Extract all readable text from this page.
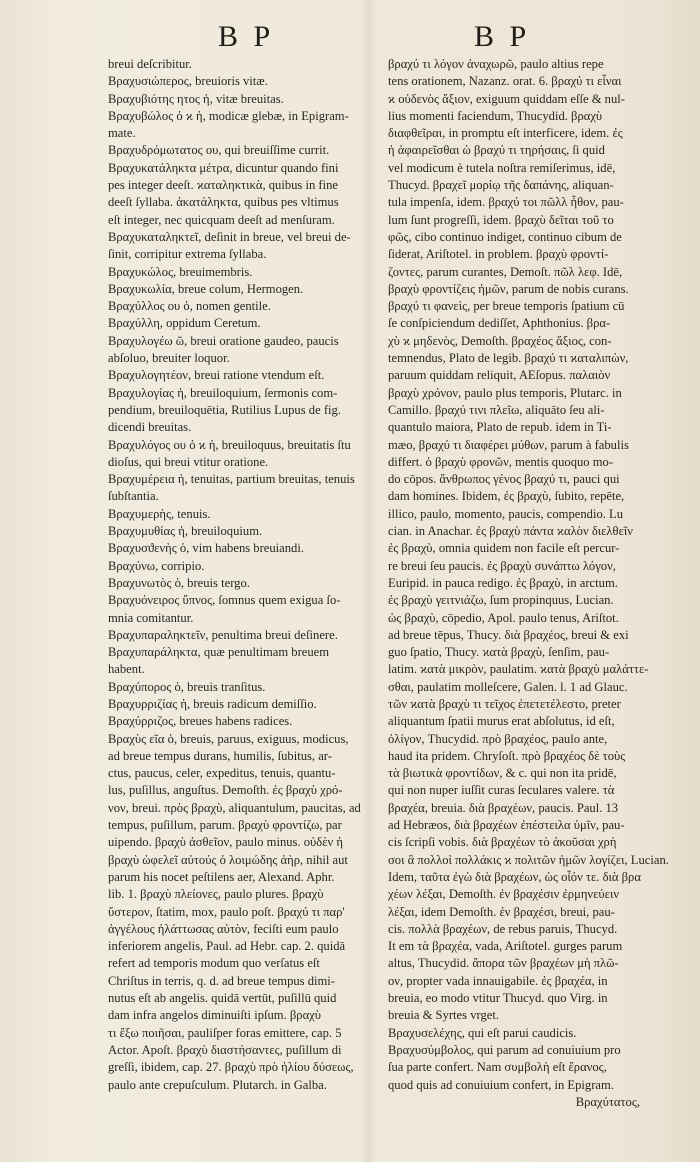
B P	B P
breui deſcribitur.
Βραχυσιώπερος, breuioris vitæ.
Βραχυβιότης ητος ἡ, vitæ breuitas.
Βραχυβώλος ὁ ϰ ἡ, modicæ glebæ, in Epigram-
mate.
Βραχυδρόμωτατος ου, qui breuiſſime currit.
Βραχυκατάληκτα μέτρα, dicuntur quando fini
pes integer deeſt. ϰαταληκτικὰ, quibus in fine
deeſt ſyllaba. ἀκατάληκτα, quibus pes vltimus
eſt integer, nec quicquam deeſt ad menſuram.
Βραχυκαταληκτεῖ, deſinit in breue, vel breui de-
ſinit, corripitur extrema ſyllaba.
Βραχυκώλος, breuimembris.
Βραχυκωλία, breue colum, Hermogen.
Βραχύλλος ου ὁ, nomen gentile.
Βραχύλλη, oppidum Ceretum.
Βραχυλογέω ῶ, breui oratione gaudeo, paucis
abſoluo, breuiter loquor.
Βραχυλογητέον, breui ratione vtendum eſt.
Βραχυλογίας ἡ, breuiloquium, ſermonis com-
pendium, breuiloquētia, Rutilius Lupus de fig.
dicendi breuitas.
Βραχυλόγος ου ὁ ϰ ἡ, breuiloquus, breuitatis ſtu
dioſus, qui breui vtitur oratione.
Βραχυμέρεια ἡ, tenuitas, partium breuitas, tenuis
ſubſtantia.
Βραχυμερὴς, tenuis.
Βραχυμυθίας ἡ, breuiloquium.
Βραχυσϑενὴς ὁ, vim habens breuiandi.
Βραχύνω, corripio.
Βραχυνωτὸς ὁ, breuis tergo.
Βραχυόνειρος ὕπνος, ſomnus quem exigua ſo-
mnia comitantur.
Βραχυπαραληκτεῖν, penultima breui deſinere.
Βραχυπαράληκτα, quæ penultimam breuem
habent.
Βραχύπορος ὁ, breuis tranſitus.
Βραχυρριζίας ἡ, breuis radicum demiſſio.
Βραχύρριζος, breues habens radices.
Βραχὺς εῖα ὁ, breuis, paruus, exiguus, modicus,
ad breue tempus durans, humilis, ſubitus, ar-
ctus, paucus, celer, expeditus, tenuis, quantu-
lus, puſillus, anguſtus. Demoſth. ἐς βραχὺ χρό-
νον, breui. πρὸς βραχὺ, aliquantulum, paucitas, ad
tempus, puſillum, parum. βραχὺ φροντίζω, par
uipendo. βραχὺ ἀσθεῖον, paulo minus. οὐδὲν ἡ
βραχὺ ὠφελεῖ αὐτούς ὁ λοιμώδης ἀὴρ, nihil aut
parum his nocet peſtilens aer, Alexand. Aphr.
lib. 1. βραχὺ πλείονες, paulo plures. βραχὺ
ὕστερον, ſtatim, mox, paulo poſt. βραχύ τι παρ'
ἀγγέλους ἠλάττωσας αὐτὸν, feciſti eum paulo
inferiorem angelis, Paul. ad Hebr. cap. 2. quidā
refert ad temporis modum quo verſatus eſt
Chriſtus in terris, q. d. ad breue tempus dimi-
nutus eſt ab angelis. quidā vertūt, puſillū quid
dam infra angelos diminuiſti ipſum. βραχὺ
τι ἔξω ποιῆσαι, pauliſper foras emittere, cap. 5
Actor. Apoſt. βραχὺ διαστήσαντες, puſillum di
greſſi, ibidem, cap. 27. βραχὺ πρὸ ἡλίου δύσεως,
paulo ante crepuſculum. Plutarch. in Galba.
βραχύ τι λόγον ἀναχωρῶ, paulo altius repe
tens orationem, Nazanz. orat. 6. βραχύ τι εἶναι
ϰ οὐδενὸς ἄξιον, exiguum quiddam eſſe & nul-
lius momenti faciendum, Thucydid. βραχὺ
διαφθεῖραι, in promptu eſt interficere, idem. ἐς
ἡ ἀφαιρεῖσθαι ὡ βραχύ τι τηρήσαις, ſi quid
vel modicum è tutela noſtra remiſerimus, idē,
Thucyd. βραχεῖ μορίῳ τῆς δαπάνης, aliquan-
tula impenſa, idem. βραχύ τοι πῶλλ ἦθον, pau-
lum ſunt progreſſi, idem. βραχὺ δεῖται τοῦ το
φῶς, cibo continuo indiget, continuo cibum de
ſiderat, Ariſtotel. in problem. βραχὺ φροντί-
ζοντες, parum curantes, Demoſt. πῶλ λεφ. Idē,
βραχὺ φροντίζεις ἡμῶν, parum de nobis curans.
βραχύ τι φανεὶς, per breue temporis ſpatium cū
ſe conſpiciendum dediſſet, Aphthonius. βρα-
χὺ ϰ μηδενὸς, Demoſth. βραχέος ἄξιος, con-
temnendus, Plato de legib. βραχύ τι ϰαταλιπὼν,
paruum quiddam reliquit, AEſopus. παλαιὸν
βραχὺ χρόνον, paulo plus temporis, Plutarc. in
Camillo. βραχύ τινι πλεῖω, aliquāto ſeu ali-
quantulo maiora, Plato de repub. idem in Ti-
mæo, βραχύ τι διαφέρει μύθων, parum à fabulis
differt. ὁ βραχὺ φρονῶν, mentis quoquo mo-
do cōpos. ἄνθρωπος γένος βραχύ τι, pauci qui
dam homines. Ibidem, ἐς βραχὺ, ſubito, repēte,
illico, paulo, momento, paucis, compendio. Lu
cian. in Anachar. ἐς βραχὺ πάντα ϰαλὸν διελθεῖν
ἐς βραχὺ, omnia quidem non facile eſt percur-
re breui ſeu paucis. ἐς βραχὺ συνάπτω λόγον,
Euripid. in pauca redigo. ἐς βραχὺ, in arctum.
ἐς βραχὺ γειτνιάζω, ſum propinquus, Lucian.
ὡς βραχὺ, cōpedio, Apol. paulo tenus, Ariſtot.
ad breue tēpus, Thucy. διὰ βραχέος, breui & exi
guo ſpatio, Thucy. ϰατὰ βραχὺ, ſenſim, pau-
latim. ϰατὰ μικρὸν, paulatim. ϰατὰ βραχὺ μαλάττε-
σθαι, paulatim molleſcere, Galen. l. 1 ad Glauc.
τῶν ϰατὰ βραχὺ τι τεῖχος ἐπετετέλεστο, preter
aliquantum ſpatii murus erat abſolutus, id eſt,
ὀλίγον, Thucydid. πρὸ βραχέος, paulo ante,
haud ita pridem. Chryſoſt. πρὸ βραχέος δὲ τοὺς
τὰ βιωτικὰ φροντίδων, & c. qui non ita pridē,
qui non nuper iuſſit curas ſeculares valere. τὰ
βραχέα, breuia. διὰ βραχέων, paucis. Paul. 13
ad Hebræos, διὰ βραχέων ἐπέστειλα ὑμῖν, pau-
cis ſcripſi vobis. διὰ βραχέων τὸ ἀκοῦσαι χρὴ
σοι ἃ πολλοὶ πολλάκις ϰ πολιτῶν ἡμῶν λογίζει, Lucian.
Idem, ταῦτα ἐγὼ διὰ βραχέων, ὡς οἶόν τε. διὰ βρα
χέων λέξαι, Demoſth. ἐν βραχέσιν ἐρμηνεύειν
λέξαι, idem Demoſth. ἐν βραχέσι, breui, pau-
cis. πολλὰ βραχέων, de rebus paruis, Thucyd.
It em τὰ βραχέα, vada, Ariſtotel. gurges parum
altus, Thucydid. ἄπορα τῶν βραχέων μὴ πλῶ-
ον, propter vada innauigabile. ἐς βραχέα, in
breuia, eo modo vtitur Thucyd. quo Virg. in
breuia & Syrtes vrget.
Βραχυσελέχης, qui eſt parui caudicis.
Βραχυσύμβολος, qui parum ad conuiuium pro
ſua parte confert. Nam συμβολὴ eſt ἔρανος,
quod quis ad conuiuium confert, in Epigram.
Βραχύτατος,
